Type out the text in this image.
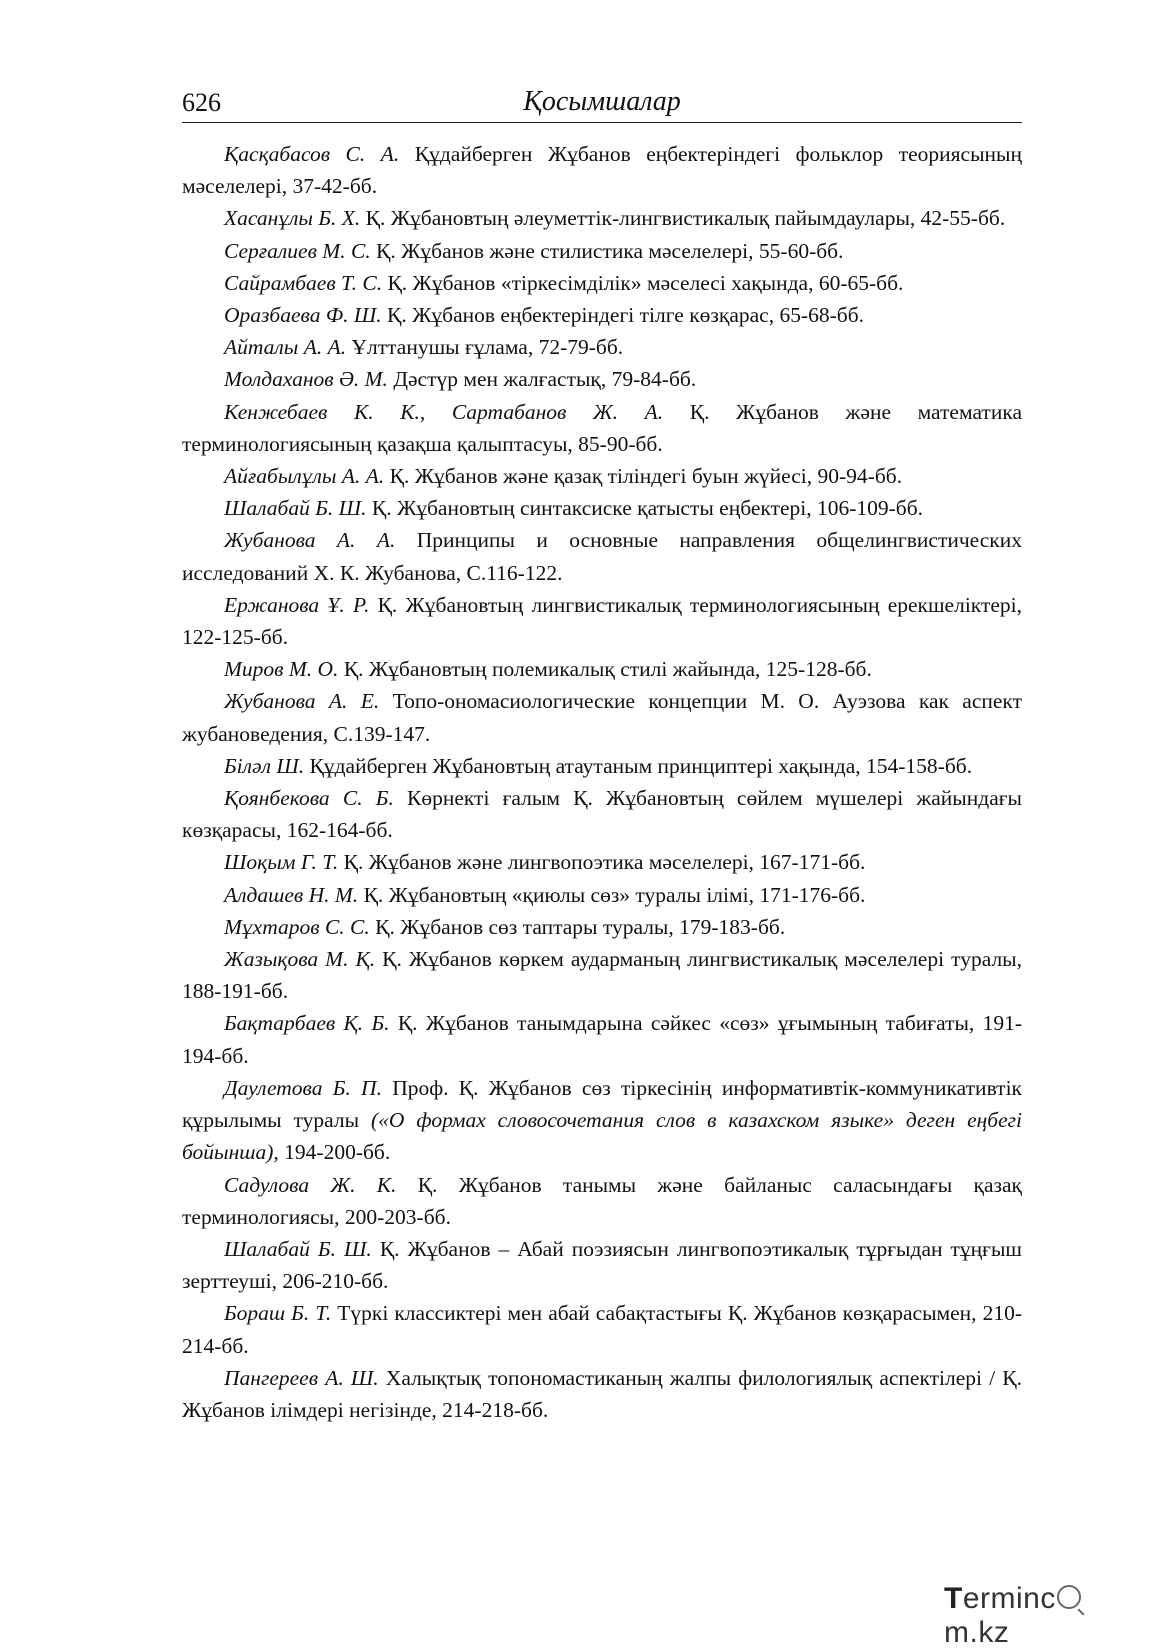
626	Қосымшалар

Қасқабасов С. А. Құдайберген Жұбанов еңбектеріндегі фольклор теориясының мәселелері, 37-42-бб.

Хасанұлы Б. Х. Қ. Жұбановтың әлеуметтік-лингвистикалық пайымдаулары, 42-55-бб.

Серғалиев М. С. Қ. Жұбанов және стилистика мәселелері, 55-60-бб.

Сайрамбаев Т. С. Қ. Жұбанов «тіркесімділік» мәселесі хақында, 60-65-бб.

Оразбаева Ф. Ш. Қ. Жұбанов еңбектеріндегі тілге көзқарас, 65-68-бб.

Айталы А. А. Ұлттанушы ғұлама, 72-79-бб.

Молдаханов Ә. М. Дәстүр мен жалғастық, 79-84-бб.

Кенжебаев К. К., Сартабанов Ж. А. Қ. Жұбанов және математика терминологиясының қазақша қалыптасуы, 85-90-бб.

Айғабылұлы А. А. Қ. Жұбанов және қазақ тіліндегі буын жүйесі, 90-94-бб.

Шалабай Б. Ш. Қ. Жұбановтың синтаксиске қатысты еңбектері, 106-109-бб.

Жубанова А. А. Принципы и основные направления общелингвистических исследований Х. К. Жубанова, С.116-122.

Ержанова Ұ. Р. Қ. Жұбановтың лингвистикалық терминологиясының ерекшеліктері, 122-125-бб.

Миров М. О. Қ. Жұбановтың полемикалық стилі жайында, 125-128-бб.

Жубанова А. Е. Топо-ономасиологические концепции М. О. Ауэзова как аспект жубановедения, С.139-147.

Біләл Ш. Құдайберген Жұбановтың атаутаным принциптері хақында, 154-158-бб.

Қоянбекова С. Б. Көрнекті ғалым Қ. Жұбановтың сөйлем мүшелері жайындағы көзқарасы, 162-164-бб.

Шоқым Г. Т. Қ. Жұбанов және лингвопоэтика мәселелері, 167-171-бб.

Алдашев Н. М. Қ. Жұбановтың «қиюлы сөз» туралы ілімі, 171-176-бб.

Мұхтаров С. С. Қ. Жұбанов сөз таптары туралы, 179-183-бб.

Жазықова М. Қ. Қ. Жұбанов көркем аударманың лингвистикалық мәселелері туралы, 188-191-бб.

Бақтарбаев Қ. Б. Қ. Жұбанов танымдарына сәйкес «сөз» ұғымының табиғаты, 191-194-бб.

Даулетова Б. П. Проф. Қ. Жұбанов сөз тіркесінің информативтік-коммуникативтік құрылымы туралы («О формах словосочетания слов в казахском языке» деген еңбегі бойынша), 194-200-бб.

Садулова Ж. К. Қ. Жұбанов танымы және байланыс саласындағы қазақ терминологиясы, 200-203-бб.

Шалабай Б. Ш. Қ. Жұбанов – Абай поэзиясын лингвопоэтикалық тұрғыдан тұңғыш зерттеуші, 206-210-бб.

Бораш Б. Т. Түркі классиктері мен абай сабақтастығы Қ. Жұбанов көзқарасымен, 210-214-бб.

Пангереев А. Ш. Халықтық топономастиканың жалпы филологиялық аспектілері / Қ. Жұбанов ілімдері негізінде, 214-218-бб.

Termincm.kz
